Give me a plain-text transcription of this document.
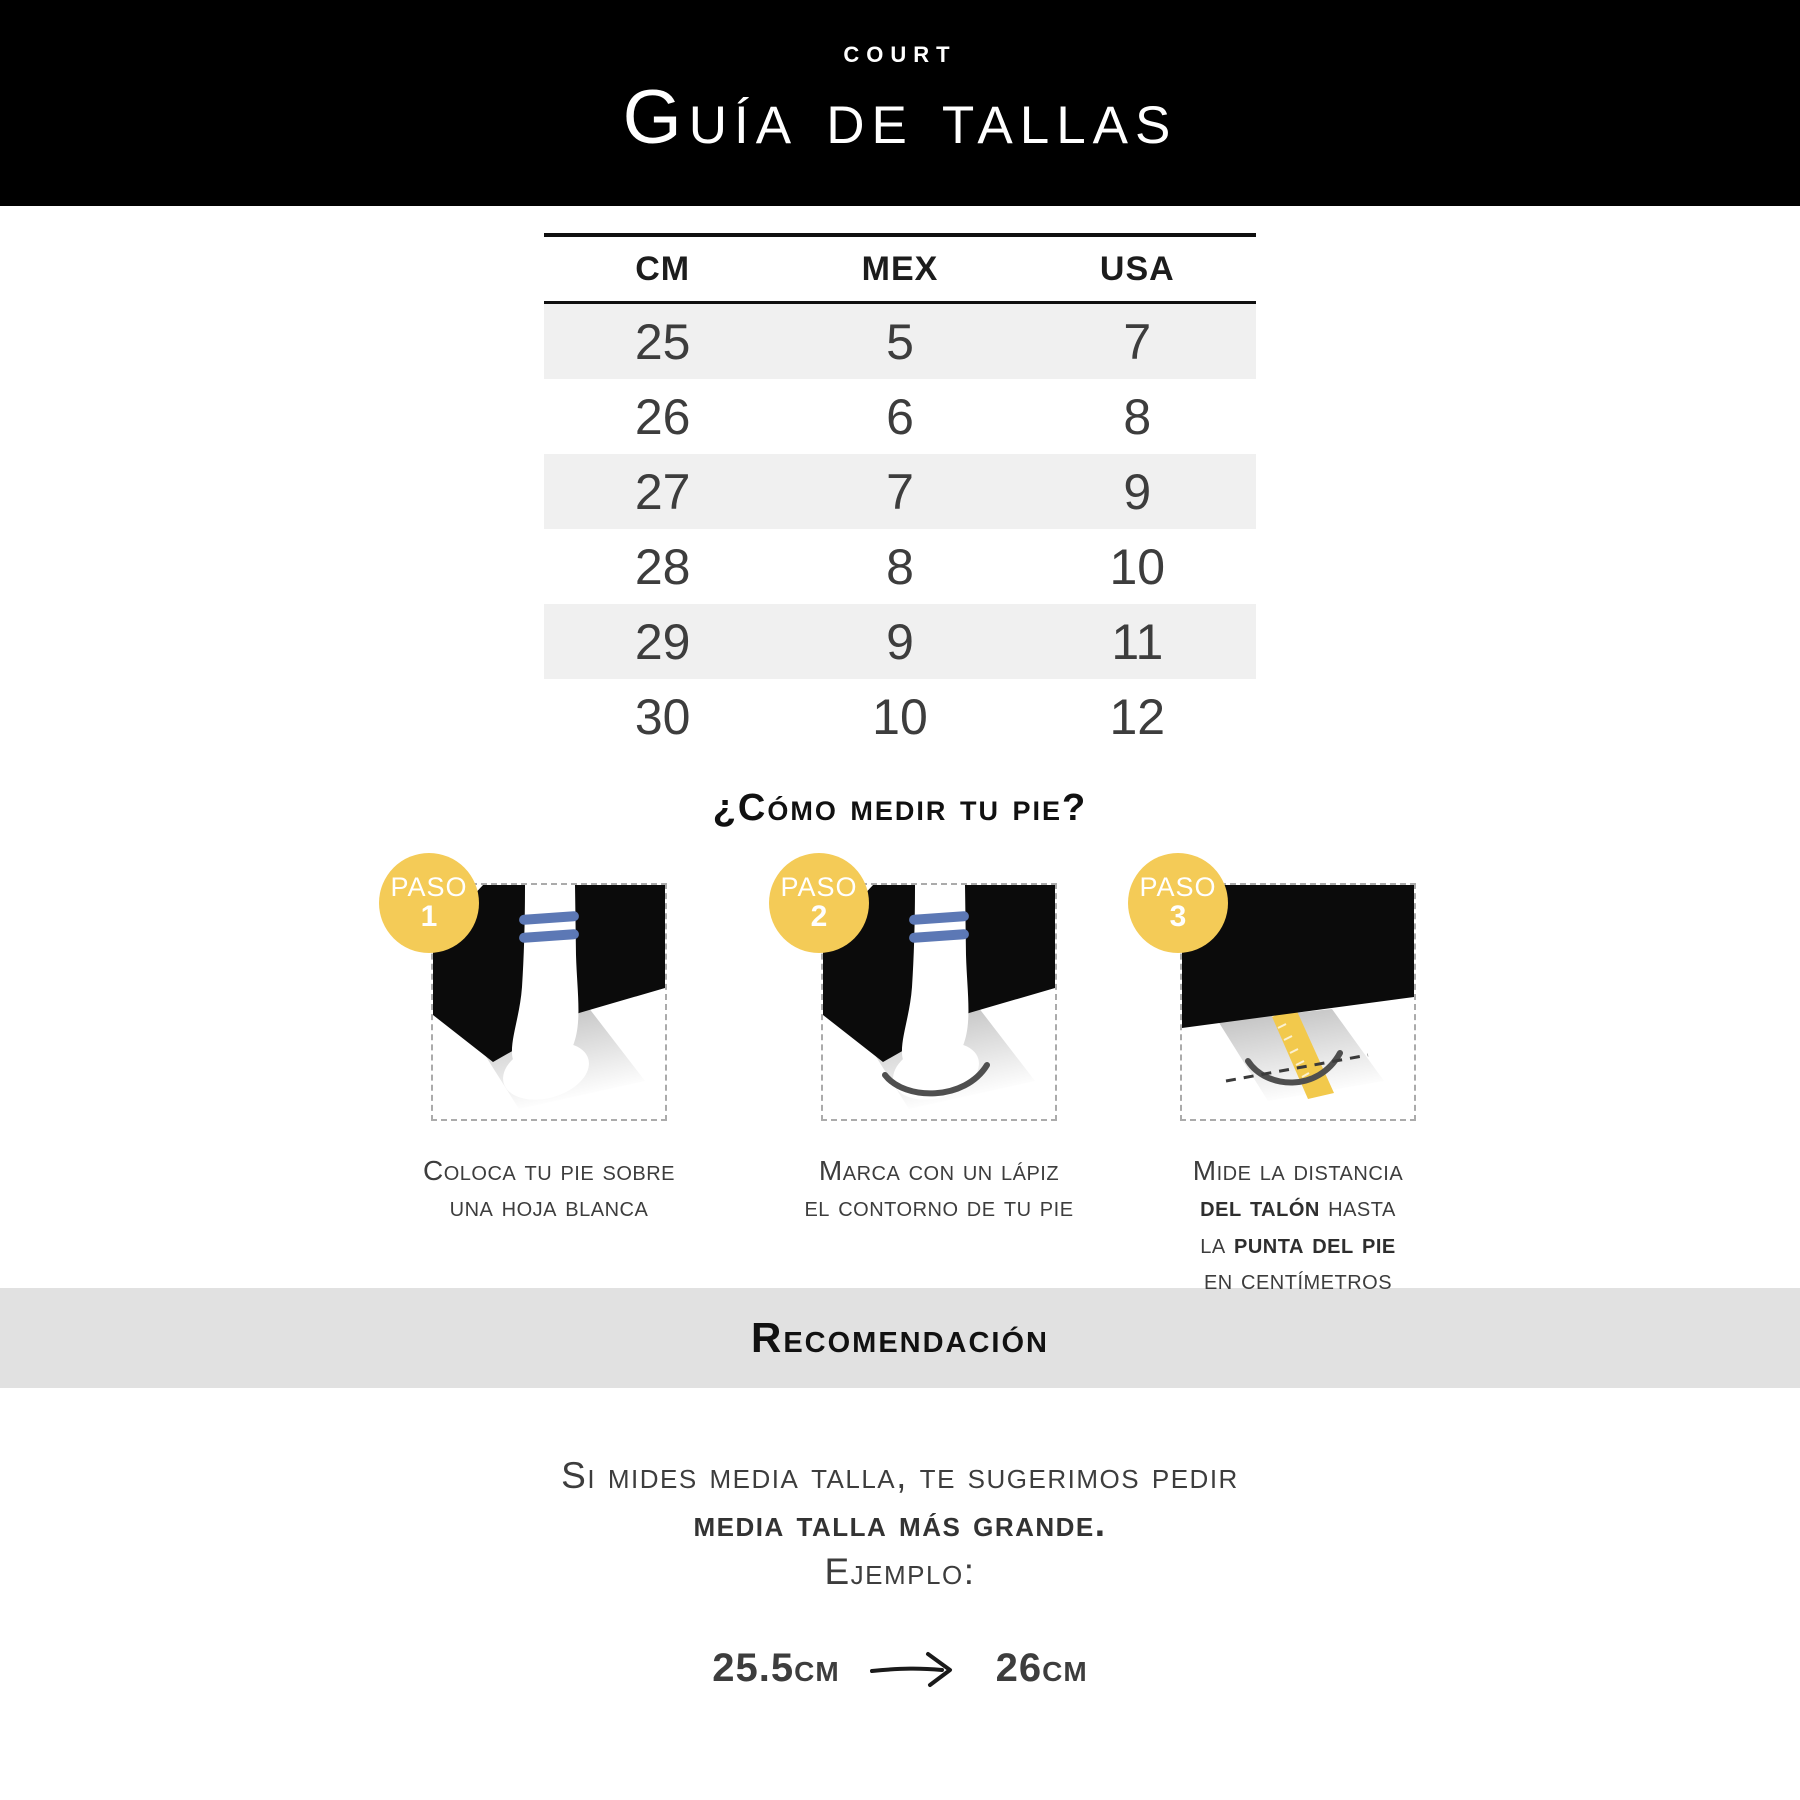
COURT
Guía de tallas
CM	MEX	USA
25	5	7
26	6	8
27	7	9
28	8	10
29	9	11
30	10	12
¿Cómo medir tu pie?
PASO
1
Coloca tu pie sobre
una hoja blanca
PASO
2
Marca con un lápiz
el contorno de tu pie
PASO
3
Mide la distancia
del talón hasta
la punta del pie
en centímetros
Recomendación
Si mides media talla, te sugerimos pedir
media talla más grande.
Ejemplo:
25.5cm	26cm
